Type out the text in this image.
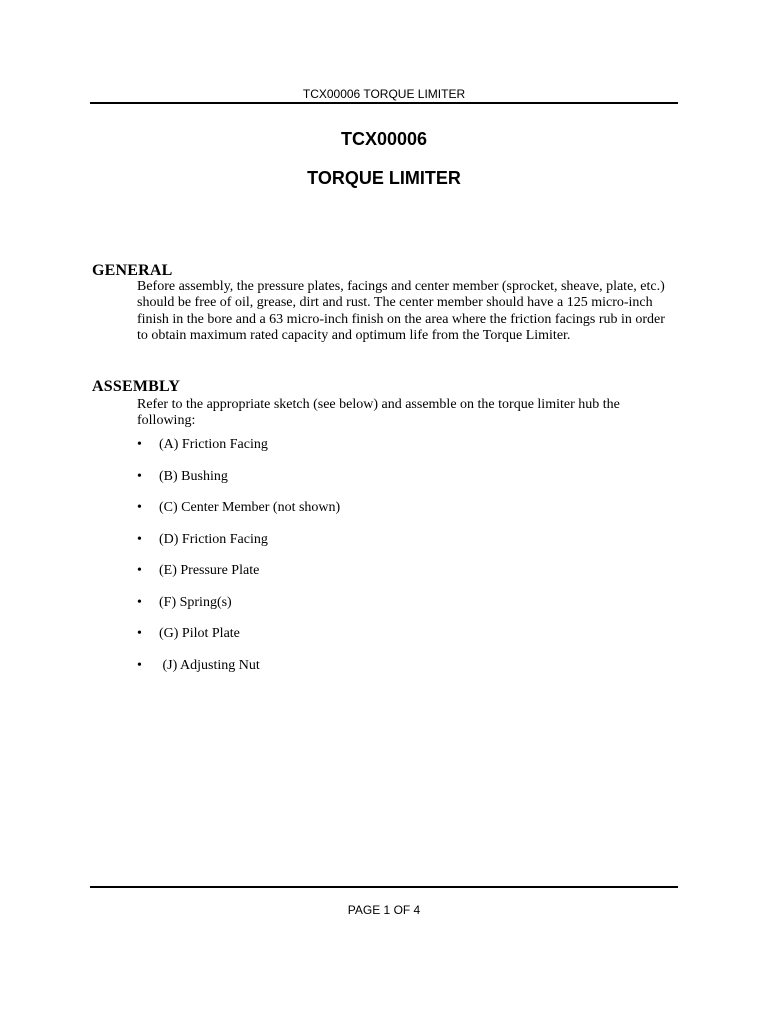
TCX00006 TORQUE LIMITER
TCX00006
TORQUE LIMITER
GENERAL
Before assembly, the pressure plates, facings and center member (sprocket, sheave, plate, etc.) should be free of oil, grease, dirt and rust. The center member should have a 125 micro-inch finish in the bore and a 63 micro-inch finish on the area where the friction facings rub in order to obtain maximum rated capacity and optimum life from the Torque Limiter.
ASSEMBLY
Refer to the appropriate sketch (see below) and assemble on the torque limiter hub the following:
• (A) Friction Facing
• (B) Bushing
• (C) Center Member (not shown)
• (D) Friction Facing
• (E) Pressure Plate
• (F) Spring(s)
• (G) Pilot Plate
• (J) Adjusting Nut
PAGE 1 OF 4
